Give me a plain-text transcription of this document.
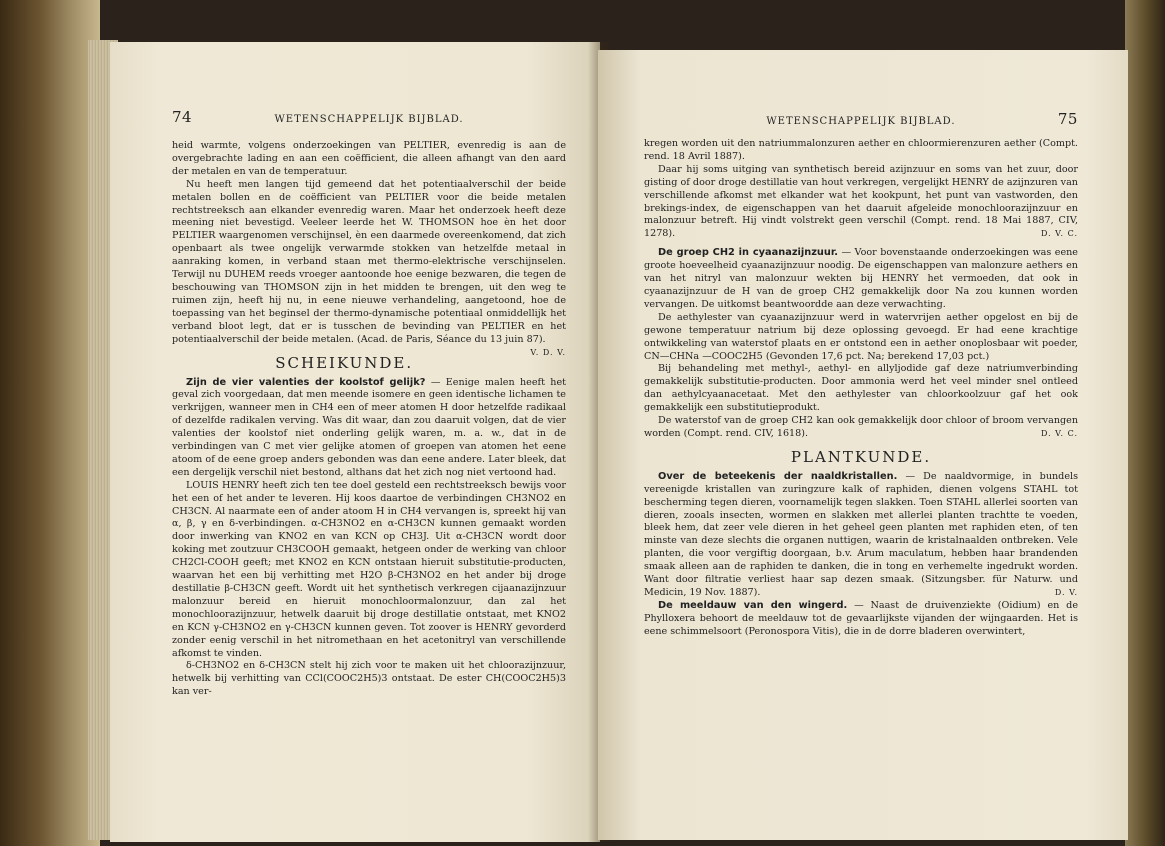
74	WETENSCHAPPELIJK BIJBLAD.

heid warmte, volgens onderzoekingen van PELTIER, evenredig is aan de overgebrachte lading en aan een coëfficient, die alleen afhangt van den aard der metalen en van de temperatuur.

Nu heeft men langen tijd gemeend dat het potentiaalverschil der beide metalen bollen en de coëfficient van PELTIER voor die beide metalen rechtstreeksch aan elkander evenredig waren. Maar het onderzoek heeft deze meening niet bevestigd. Veeleer leerde het W. THOMSON hoe èn het door PELTIER waargenomen verschijnsel, èn een daarmede overeenkomend, dat zich openbaart als twee ongelijk verwarmde stokken van hetzelfde metaal in aanraking komen, in verband staan met thermo-elektrische verschijnselen. Terwijl nu DUHEM reeds vroeger aantoonde hoe eenige bezwaren, die tegen de beschouwing van THOMSON zijn in het midden te brengen, uit den weg te ruimen zijn, heeft hij nu, in eene nieuwe verhandeling, aangetoond, hoe de toepassing van het beginsel der thermo-dynamische potentiaal onmiddellijk het verband bloot legt, dat er is tusschen de bevinding van PELTIER en het potentiaalverschil der beide metalen. (Acad. de Paris, Séance du 13 juin 87).
V. D. V.

SCHEIKUNDE.

Zijn de vier valenties der koolstof gelijk? — Eenige malen heeft het geval zich voorgedaan, dat men meende isomere en geen identische lichamen te verkrijgen, wanneer men in CH4 een of meer atomen H door hetzelfde radikaal of dezelfde radikalen verving. Was dit waar, dan zou daaruit volgen, dat de vier valenties der koolstof niet onderling gelijk waren, m. a. w., dat in de verbindingen van C met vier gelijke atomen of groepen van atomen het eene atoom of de eene groep anders gebonden was dan eene andere. Later bleek, dat een dergelijk verschil niet bestond, althans dat het zich nog niet vertoond had.

LOUIS HENRY heeft zich ten tee doel gesteld een rechtstreeksch bewijs voor het een of het ander te leveren. Hij koos daartoe de verbindingen CH3NO2 en CH3CN. Al naarmate een of ander atoom H in CH4 vervangen is, spreekt hij van α, β, γ en δ-verbindingen. α-CH3NO2 en α-CH3CN kunnen gemaakt worden door inwerking van KNO2 en van KCN op CH3J. Uit α-CH3CN wordt door koking met zoutzuur CH3COOH gemaakt, hetgeen onder de werking van chloor CH2Cl-COOH geeft; met KNO2 en KCN ontstaan hieruit substitutie-producten, waarvan het een bij verhitting met H2O β-CH3NO2 en het ander bij droge destillatie β-CH3CN geeft. Wordt uit het synthetisch verkregen cijaanazijnzuur malonzuur bereid en hieruit monochloormalonzuur, dan zal het monochloorazijnzuur, hetwelk daaruit bij droge destillatie ontstaat, met KNO2 en KCN γ-CH3NO2 en γ-CH3CN kunnen geven. Tot zoover is HENRY gevorderd zonder eenig verschil in het nitromethaan en het acetonitryl van verschillende afkomst te vinden.

δ-CH3NO2 en δ-CH3CN stelt hij zich voor te maken uit het chloorazijnzuur, hetwelk bij verhitting van CCl(COOC2H5)3 ontstaat. De ester CH(COOC2H5)3 kan ver-

WETENSCHAPPELIJK BIJBLAD.	75

kregen worden uit den natriummalonzuren aether en chloormierenzuren aether (Compt. rend. 18 Avril 1887).

Daar hij soms uitging van synthetisch bereid azijnzuur en soms van het zuur, door gisting of door droge destillatie van hout verkregen, vergelijkt HENRY de azijnzuren van verschillende afkomst met elkander wat het kookpunt, het punt van vastworden, den brekings-index, de eigenschappen van het daaruit afgeleide monochloorazijnzuur en malonzuur betreft. Hij vindt volstrekt geen verschil (Compt. rend. 18 Mai 1887, CIV, 1278).	D. V. C.

De groep CH2 in cyaanazijnzuur. — Voor bovenstaande onderzoekingen was eene groote hoeveelheid cyaanazijnzuur noodig. De eigenschappen van malonzure aethers en van het nitryl van malonzuur wekten bij HENRY het vermoeden, dat ook in cyaanazijnzuur de H van de groep CH2 gemakkelijk door Na zou kunnen worden vervangen. De uitkomst beantwoordde aan deze verwachting.

De aethylester van cyaanazijnzuur werd in watervrijen aether opgelost en bij de gewone temperatuur natrium bij deze oplossing gevoegd. Er had eene krachtige ontwikkeling van waterstof plaats en er ontstond een in aether onoplosbaar wit poeder, CN—CHNa —COOC2H5 (Gevonden 17,6 pct. Na; berekend 17,03 pct.)

Bij behandeling met methyl-, aethyl- en allyljodide gaf deze natriumverbinding gemakkelijk substitutie-producten. Door ammonia werd het veel minder snel ontleed dan aethylcyaanacetaat. Met den aethylester van chloorkoolzuur gaf het ook gemakkelijk een substitutieprodukt.

De waterstof van de groep CH2 kan ook gemakkelijk door chloor of broom vervangen worden (Compt. rend. CIV, 1618).	D. V. C.

PLANTKUNDE.

Over de beteekenis der naaldkristallen. — De naaldvormige, in bundels vereenigde kristallen van zuringzure kalk of raphiden, dienen volgens STAHL tot bescherming tegen dieren, voornamelijk tegen slakken. Toen STAHL allerlei soorten van dieren, zooals insecten, wormen en slakken met allerlei planten trachtte te voeden, bleek hem, dat zeer vele dieren in het geheel geen planten met raphiden eten, of ten minste van deze slechts die organen nuttigen, waarin de kristalnaalden ontbreken. Vele planten, die voor vergiftig doorgaan, b.v. Arum maculatum, hebben haar brandenden smaak alleen aan de raphiden te danken, die in tong en verhemelte ingedrukt worden. Want door filtratie verliest haar sap dezen smaak. (Sitzungsber. für Naturw. und Medicin, 19 Nov. 1887).	D. V.

De meeldauw van den wingerd. — Naast de druivenziekte (Oidium) en de Phylloxera behoort de meeldauw tot de gevaarlijkste vijanden der wijngaarden. Het is eene schimmelsoort (Peronospora Vitis), die in de dorre bladeren overwintert,
